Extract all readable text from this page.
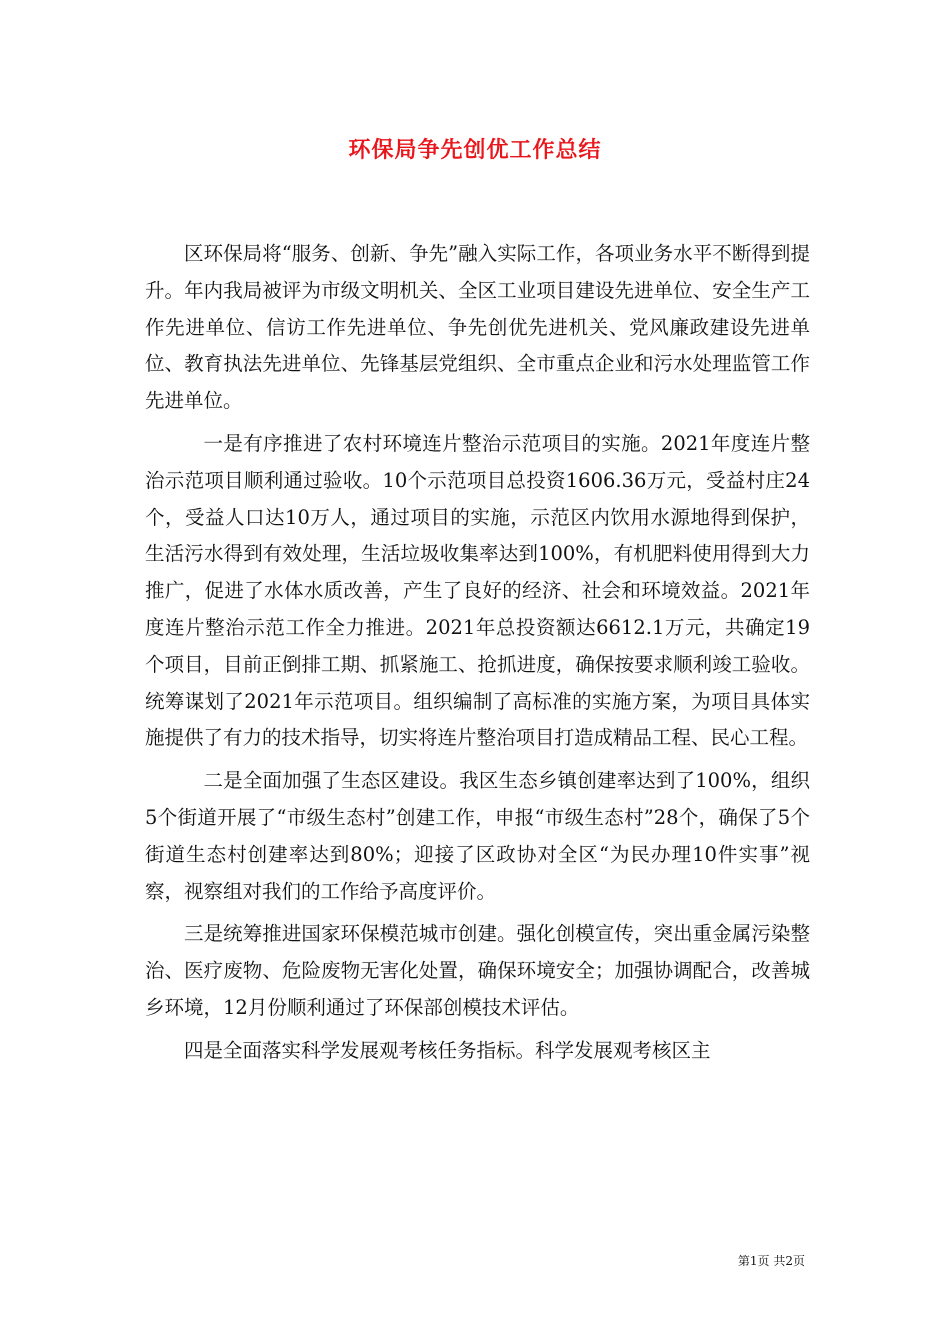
环保局争先创优工作总结

区环保局将“服务、创新、争先”融入实际工作，各项业务水平不断得到提升。年内我局被评为市级文明机关、全区工业项目建设先进单位、安全生产工作先进单位、信访工作先进单位、争先创优先进机关、党风廉政建设先进单位、教育执法先进单位、先锋基层党组织、全市重点企业和污水处理监管工作先进单位。

一是有序推进了农村环境连片整治示范项目的实施。2021年度连片整治示范项目顺利通过验收。10个示范项目总投资1606.36万元，受益村庄24个，受益人口达10万人，通过项目的实施，示范区内饮用水源地得到保护，生活污水得到有效处理，生活垃圾收集率达到100%，有机肥料使用得到大力推广，促进了水体水质改善，产生了良好的经济、社会和环境效益。2021年度连片整治示范工作全力推进。2021年总投资额达6612.1万元，共确定19个项目，目前正倒排工期、抓紧施工、抢抓进度，确保按要求顺利竣工验收。统筹谋划了2021年示范项目。组织编制了高标准的实施方案，为项目具体实施提供了有力的技术指导，切实将连片整治项目打造成精品工程、民心工程。

二是全面加强了生态区建设。我区生态乡镇创建率达到了100%，组织5个街道开展了“市级生态村”创建工作，申报“市级生态村”28个，确保了5个街道生态村创建率达到80%；迎接了区政协对全区“为民办理10件实事”视察，视察组对我们的工作给予高度评价。

三是统筹推进国家环保模范城市创建。强化创模宣传，突出重金属污染整治、医疗废物、危险废物无害化处置，确保环境安全；加强协调配合，改善城乡环境，12月份顺利通过了环保部创模技术评估。

四是全面落实科学发展观考核任务指标。科学发展观考核区主

第1页 共2页
